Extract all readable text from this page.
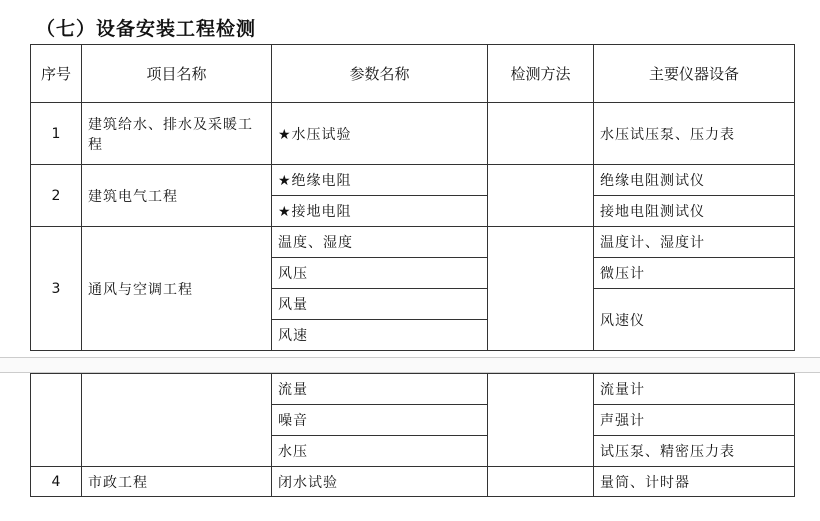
（七）设备安装工程检测
序号	项目名称	参数名称	检测方法	主要仪器设备
1	建筑给水、排水及采暖工程	★水压试验		水压试压泵、压力表
2	建筑电气工程	★绝缘电阻		绝缘电阻测试仪
		★接地电阻		接地电阻测试仪
3	通风与空调工程	温度、湿度		温度计、湿度计
		风压		微压计
		风量		风速仪
		风速		
		流量		流量计
		噪音		声强计
		水压		试压泵、精密压力表
4	市政工程	闭水试验		量筒、计时器
